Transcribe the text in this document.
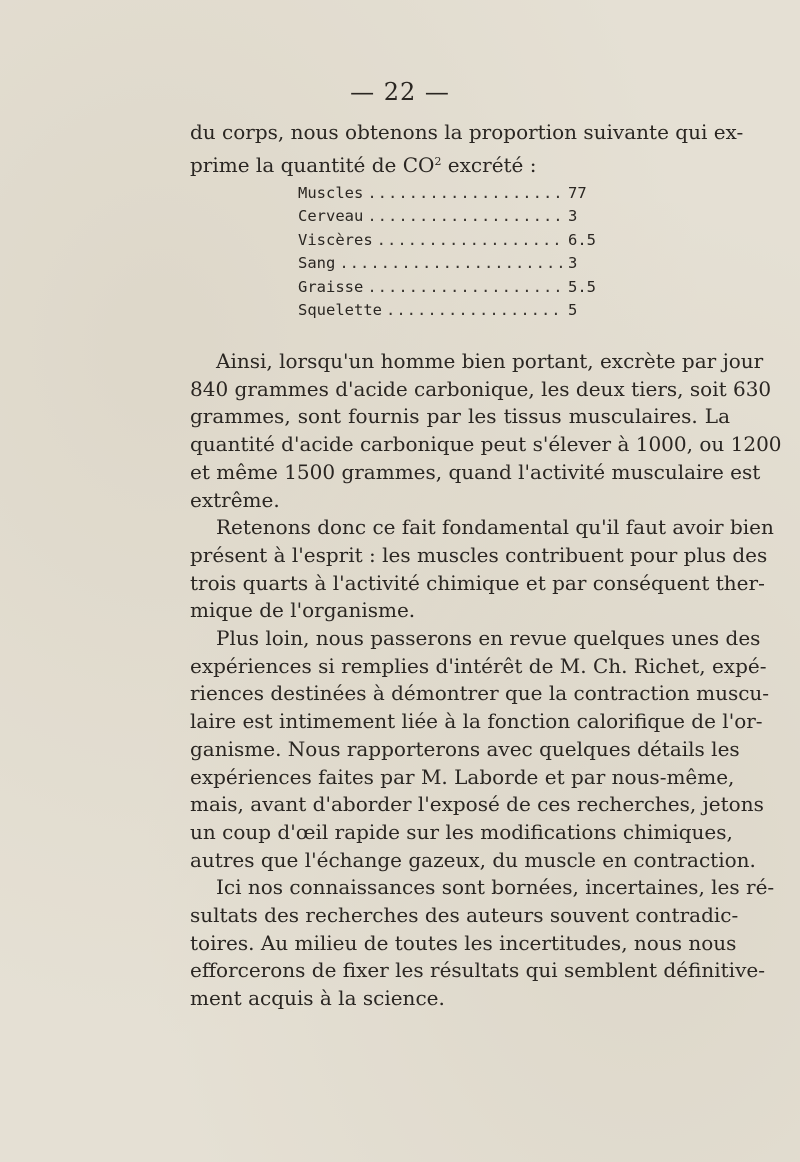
— 22 —

du corps, nous obtenons la proportion suivante qui ex-
prime la quantité de $CO^2$ excrété :

Muscles .....	77
Cerveau .....	3
Viscères .....	6.5
Sang .....	3
Graisse .....	5.5
Squelette .....	5
Ainsi, lorsqu'un homme bien portant, excrète par jour
840 grammes d'acide carbonique, les deux tiers, soit 630
grammes, sont fournis par les tissus musculaires. La
quantité d'acide carbonique peut s'élever à 1000, ou 1200
et même 1500 grammes, quand l'activité musculaire est
extrême.
Retenons donc ce fait fondamental qu'il faut avoir bien
présent à l'esprit : les muscles contribuent pour plus des
trois quarts à l'activité chimique et par conséquent ther-
mique de l'organisme.
Plus loin, nous passerons en revue quelques unes des
expériences si remplies d'intérêt de M. Ch. Richet, expé-
riences destinées à démontrer que la contraction muscu-
laire est intimement liée à la fonction calorifique de l'or-
ganisme. Nous rapporterons avec quelques détails les
expériences faites par M. Laborde et par nous-même,
mais, avant d'aborder l'exposé de ces recherches, jetons
un coup d'œil rapide sur les modifications chimiques,
autres que l'échange gazeux, du muscle en contraction.
Ici nos connaissances sont bornées, incertaines, les ré-
sultats des recherches des auteurs souvent contradic-
toires. Au milieu de toutes les incertitudes, nous nous
efforcerons de fixer les résultats qui semblent définitive-
ment acquis à la science.
